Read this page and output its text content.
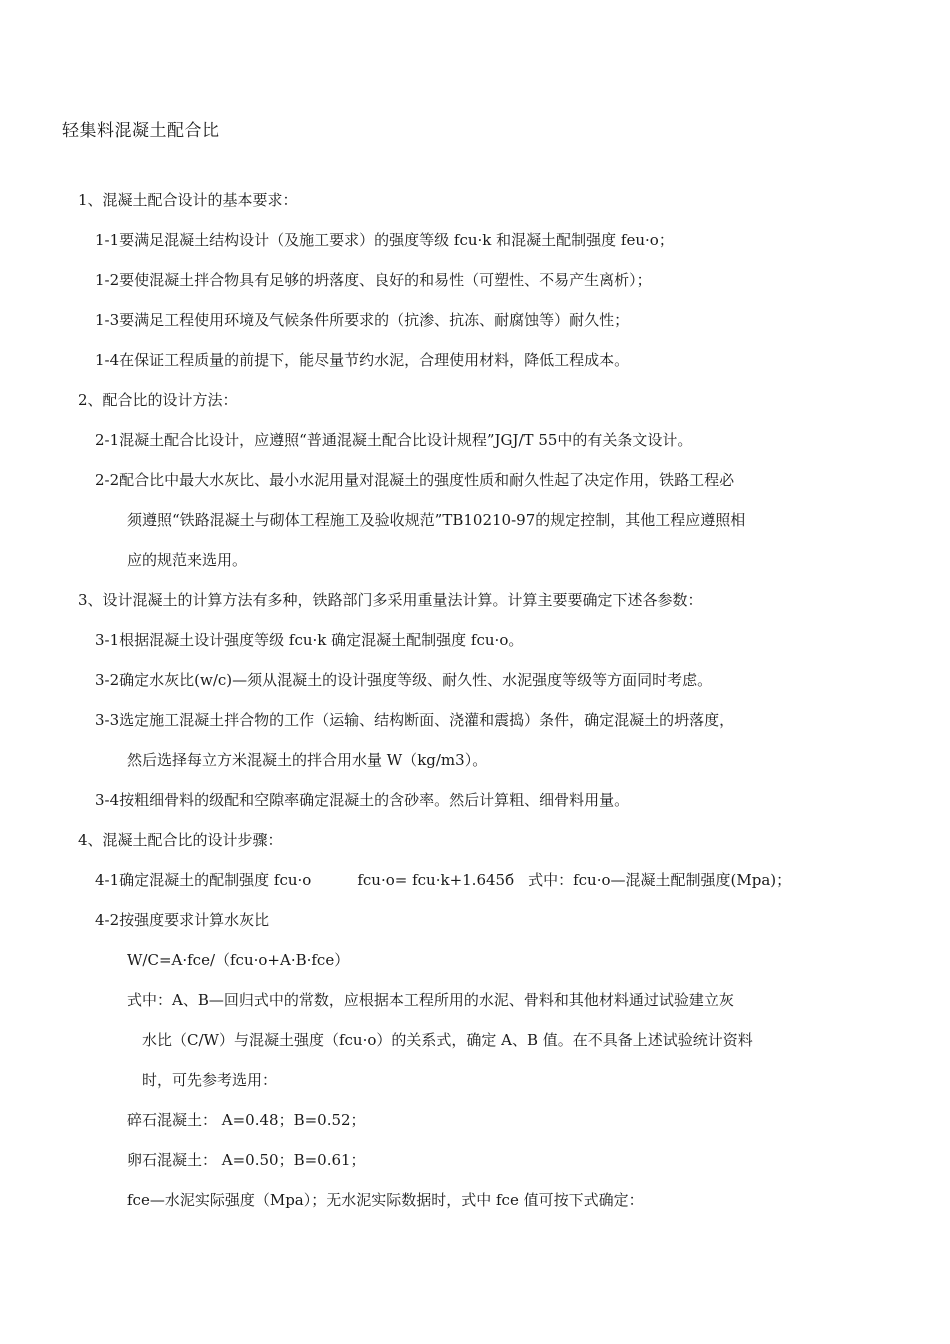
轻集料混凝土配合比
1、混凝土配合设计的基本要求：
1-1要满足混凝土结构设计（及施工要求）的强度等级 fcu·k 和混凝土配制强度 feu·o；
1-2要使混凝土拌合物具有足够的坍落度、良好的和易性（可塑性、不易产生离析）；
1-3要满足工程使用环境及气候条件所要求的（抗渗、抗冻、耐腐蚀等）耐久性；
1-4在保证工程质量的前提下，能尽量节约水泥，合理使用材料，降低工程成本。
2、配合比的设计方法：
2-1混凝土配合比设计，应遵照“普通混凝土配合比设计规程”JGJ/T 55中的有关条文设计。
2-2配合比中最大水灰比、最小水泥用量对混凝土的强度性质和耐久性起了决定作用，铁路工程必
须遵照“铁路混凝土与砌体工程施工及验收规范”TB10210-97的规定控制，其他工程应遵照相
应的规范来选用。
3、设计混凝土的计算方法有多种，铁路部门多采用重量法计算。计算主要要确定下述各参数：
3-1根据混凝土设计强度等级 fcu·k 确定混凝土配制强度 fcu·o。
3-2确定水灰比(w/c)—须从混凝土的设计强度等级、耐久性、水泥强度等级等方面同时考虑。
3-3选定施工混凝土拌合物的工作（运输、结构断面、浇灌和震捣）条件，确定混凝土的坍落度，
然后选择每立方米混凝土的拌合用水量 W（kg/m3）。
3-4按粗细骨料的级配和空隙率确定混凝土的含砂率。然后计算粗、细骨料用量。
4、混凝土配合比的设计步骤：
4-1确定混凝土的配制强度 fcu·o	fcu·o= fcu·k+1.645б 式中：fcu·o—混凝土配制强度(Mpa)；
4-2按强度要求计算水灰比
W/C=A·fce/（fcu·o+A·B·fce）
式中：A、B—回归式中的常数，应根据本工程所用的水泥、骨料和其他材料通过试验建立灰
水比（C/W）与混凝土强度（fcu·o）的关系式，确定 A、B 值。在不具备上述试验统计资料
时，可先参考选用：
碎石混凝土： A=0.48；B=0.52；
卵石混凝土： A=0.50；B=0.61；
fce—水泥实际强度（Mpa）；无水泥实际数据时，式中 fce 值可按下式确定：
